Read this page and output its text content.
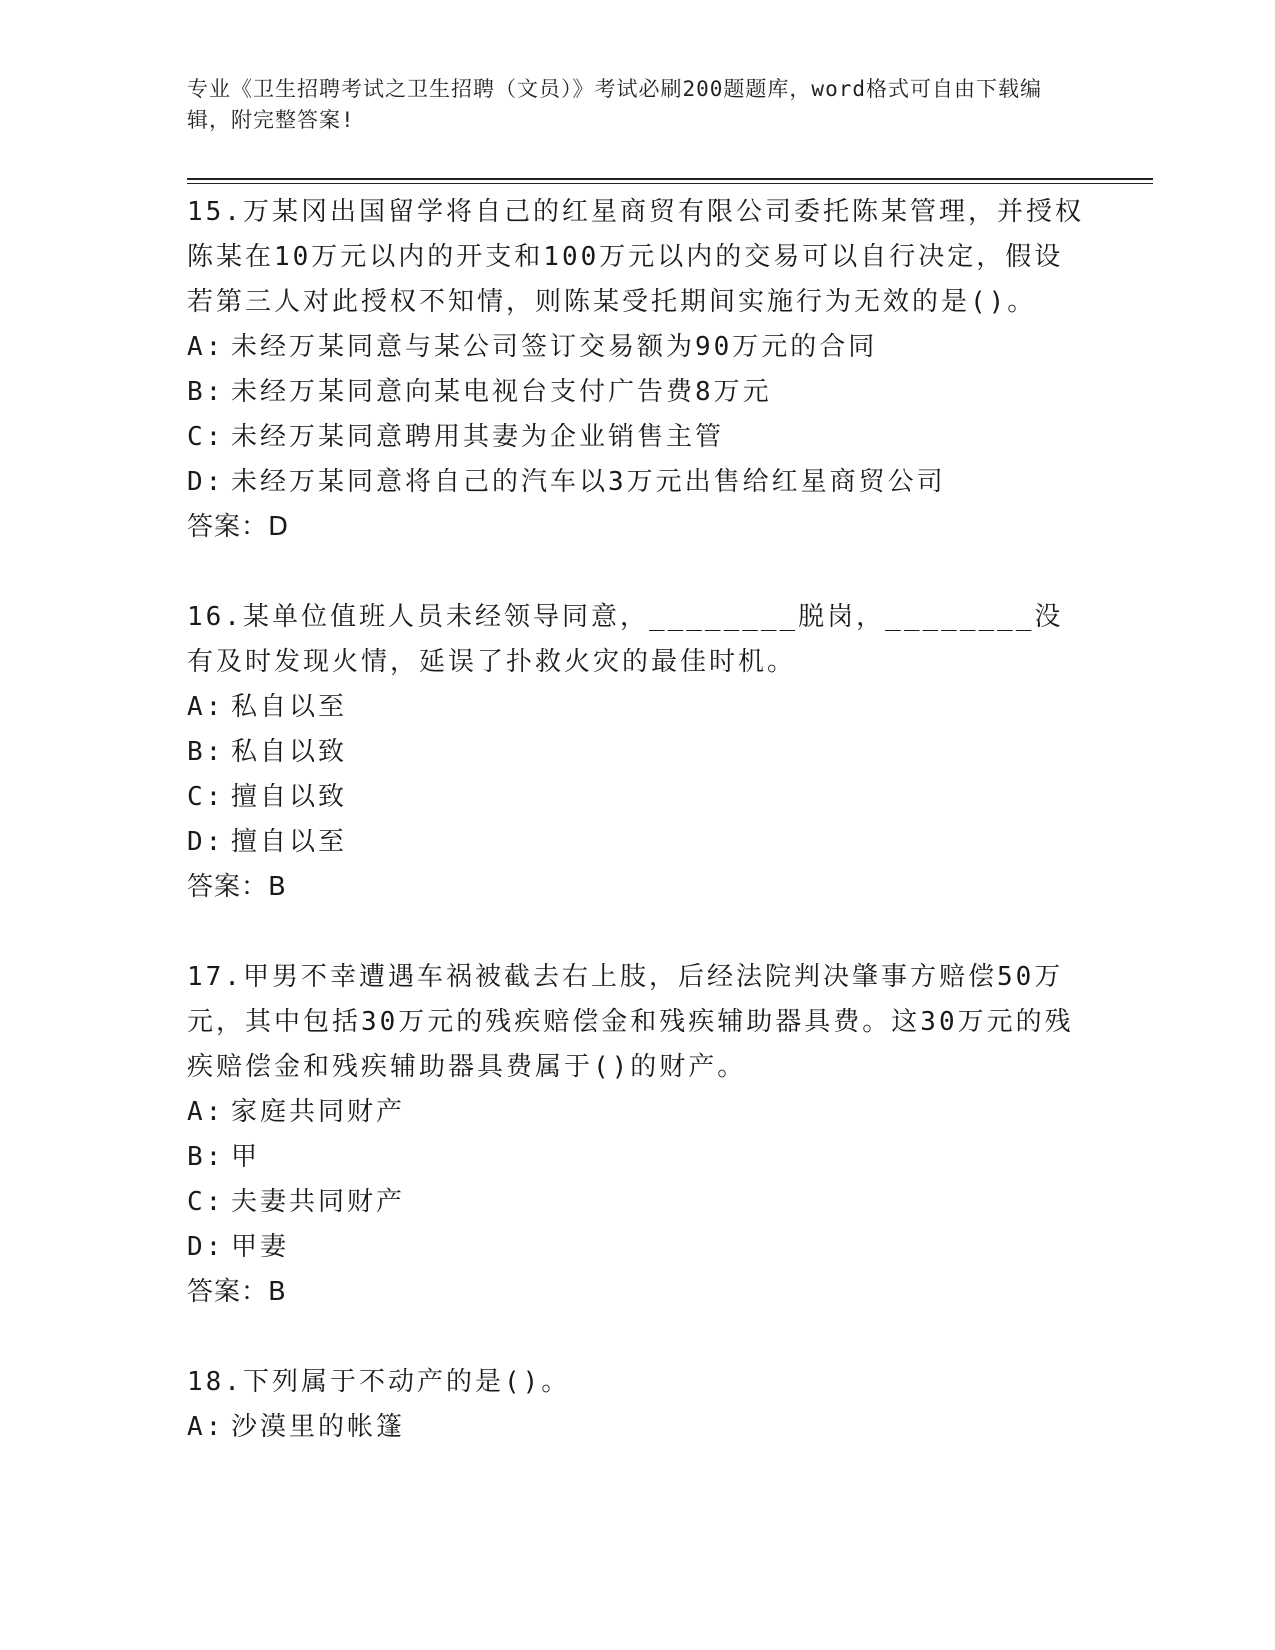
专业《卫生招聘考试之卫生招聘（文员）》考试必刷200题题库，word格式可自由下载编辑，附完整答案!

15.万某冈出国留学将自己的红星商贸有限公司委托陈某管理，并授权陈某在10万元以内的开支和100万元以内的交易可以自行决定，假设若第三人对此授权不知情，则陈某受托期间实施行为无效的是()。

A: 未经万某同意与某公司签订交易额为90万元的合同

B: 未经万某同意向某电视台支付广告费8万元

C: 未经万某同意聘用其妻为企业销售主管

D: 未经万某同意将自己的汽车以3万元出售给红星商贸公司

答案：D

16.某单位值班人员未经领导同意，________脱岗，________没有及时发现火情，延误了扑救火灾的最佳时机。

A: 私自以至

B: 私自以致

C: 擅自以致

D: 擅自以至

答案：B

17.甲男不幸遭遇车祸被截去右上肢，后经法院判决肇事方赔偿50万元，其中包括30万元的残疾赔偿金和残疾辅助器具费。这30万元的残疾赔偿金和残疾辅助器具费属于()的财产。

A: 家庭共同财产

B: 甲

C: 夫妻共同财产

D: 甲妻

答案：B

18.下列属于不动产的是()。

A: 沙漠里的帐篷
